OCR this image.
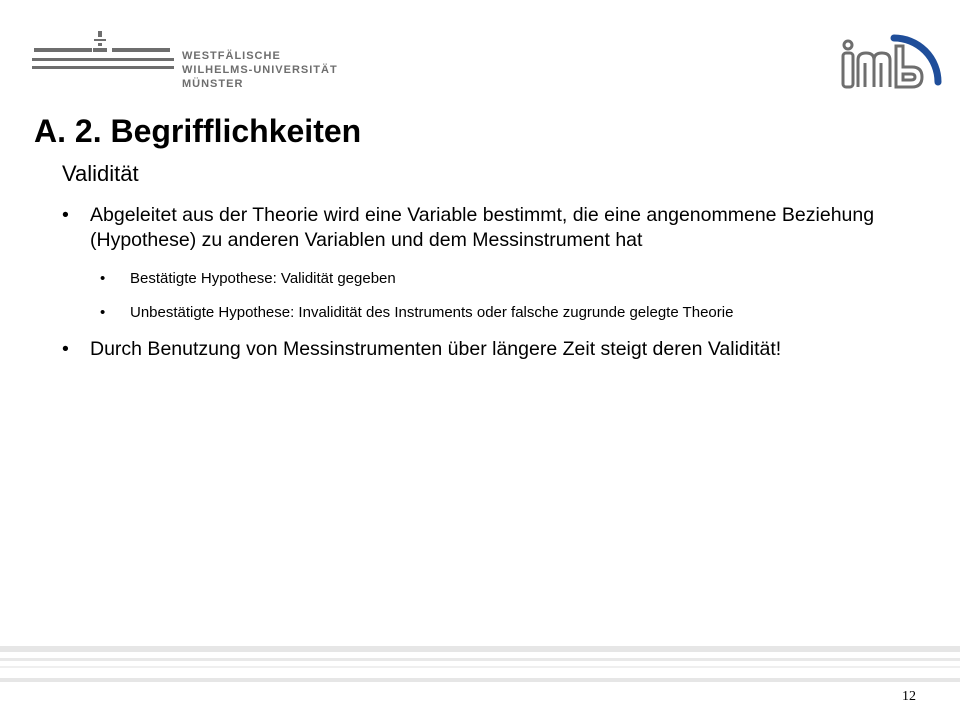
WESTFÄLISCHE
WILHELMS-UNIVERSITÄT
MÜNSTER
A. 2. Begrifflichkeiten
Validität
• Abgeleitet aus der Theorie wird eine Variable bestimmt, die eine angenommene Beziehung (Hypothese) zu anderen Variablen und dem Messinstrument hat
• Bestätigte Hypothese: Validität gegeben
• Unbestätigte Hypothese: Invalidität des Instruments oder falsche zugrunde gelegte Theorie
• Durch Benutzung von Messinstrumenten über längere Zeit steigt deren Validität!
12
